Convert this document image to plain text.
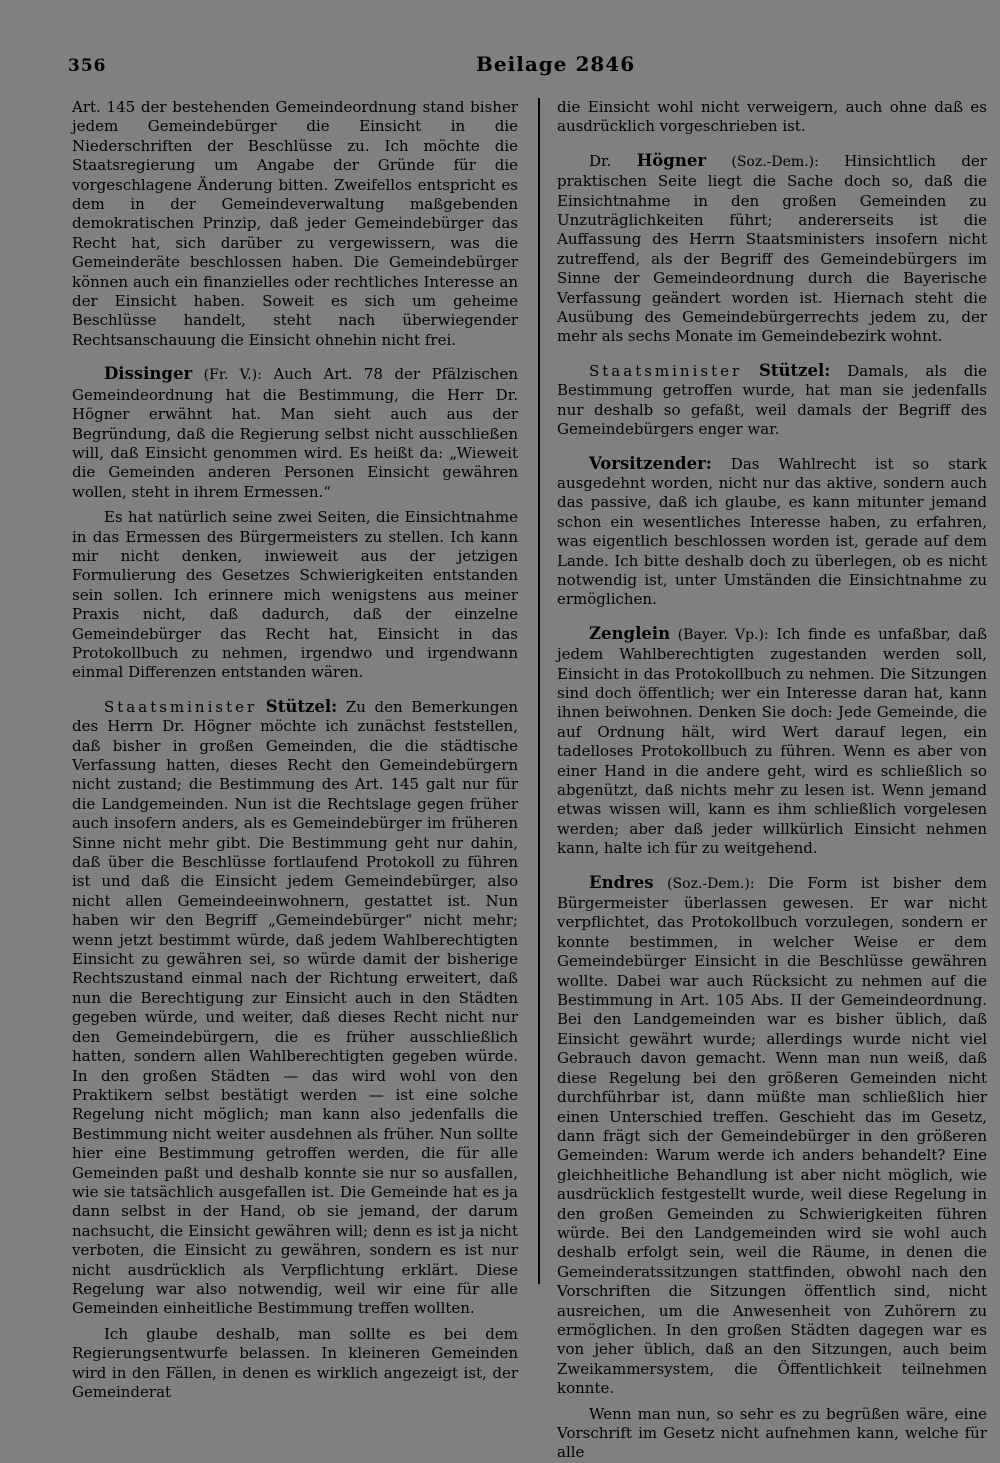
356	Beilage 2846

Art. 145 der bestehenden Gemeindeordnung stand bisher jedem Gemeindebürger die Einsicht in die Niederschriften der Beschlüsse zu. Ich möchte die Staatsregierung um Angabe der Gründe für die vorgeschlagene Änderung bitten. Zweifellos entspricht es dem in der Gemeindeverwaltung maßgebenden demokratischen Prinzip, daß jeder Gemeindebürger das Recht hat, sich darüber zu vergewissern, was die Gemeinderäte beschlossen haben. Die Gemeindebürger können auch ein finanzielles oder rechtliches Interesse an der Einsicht haben. Soweit es sich um geheime Beschlüsse handelt, steht nach überwiegender Rechtsanschauung die Einsicht ohnehin nicht frei.

Dissinger (Fr. V.): Auch Art. 78 der Pfälzischen Gemeindeordnung hat die Bestimmung, die Herr Dr. Högner erwähnt hat. Man sieht auch aus der Begründung, daß die Regierung selbst nicht ausschließen will, daß Einsicht genommen wird. Es heißt da: „Wieweit die Gemeinden anderen Personen Einsicht gewähren wollen, steht in ihrem Ermessen.“

Es hat natürlich seine zwei Seiten, die Einsichtnahme in das Ermessen des Bürgermeisters zu stellen. Ich kann mir nicht denken, inwieweit aus der jetzigen Formulierung des Gesetzes Schwierigkeiten entstanden sein sollen. Ich erinnere mich wenigstens aus meiner Praxis nicht, daß dadurch, daß der einzelne Gemeindebürger das Recht hat, Einsicht in das Protokollbuch zu nehmen, irgendwo und irgendwann einmal Differenzen entstanden wären.

Staatsminister Stützel: Zu den Bemerkungen des Herrn Dr. Högner möchte ich zunächst feststellen, daß bisher in großen Gemeinden, die die städtische Verfassung hatten, dieses Recht den Gemeindebürgern nicht zustand; die Bestimmung des Art. 145 galt nur für die Landgemeinden. Nun ist die Rechtslage gegen früher auch insofern anders, als es Gemeindebürger im früheren Sinne nicht mehr gibt. Die Bestimmung geht nur dahin, daß über die Beschlüsse fortlaufend Protokoll zu führen ist und daß die Einsicht jedem Gemeindebürger, also nicht allen Gemeindeeinwohnern, gestattet ist. Nun haben wir den Begriff „Gemeindebürger“ nicht mehr; wenn jetzt bestimmt würde, daß jedem Wahlberechtigten Einsicht zu gewähren sei, so würde damit der bisherige Rechtszustand einmal nach der Richtung erweitert, daß nun die Berechtigung zur Einsicht auch in den Städten gegeben würde, und weiter, daß dieses Recht nicht nur den Gemeindebürgern, die es früher ausschließlich hatten, sondern allen Wahlberechtigten gegeben würde. In den großen Städten — das wird wohl von den Praktikern selbst bestätigt werden — ist eine solche Regelung nicht möglich; man kann also jedenfalls die Bestimmung nicht weiter ausdehnen als früher. Nun sollte hier eine Bestimmung getroffen werden, die für alle Gemeinden paßt und deshalb konnte sie nur so ausfallen, wie sie tatsächlich ausgefallen ist. Die Gemeinde hat es ja dann selbst in der Hand, ob sie jemand, der darum nachsucht, die Einsicht gewähren will; denn es ist ja nicht verboten, die Einsicht zu gewähren, sondern es ist nur nicht ausdrücklich als Verpflichtung erklärt. Diese Regelung war also notwendig, weil wir eine für alle Gemeinden einheitliche Bestimmung treffen wollten.

Ich glaube deshalb, man sollte es bei dem Regierungsentwurfe belassen. In kleineren Gemeinden wird in den Fällen, in denen es wirklich angezeigt ist, der Gemeinderat

die Einsicht wohl nicht verweigern, auch ohne daß es ausdrücklich vorgeschrieben ist.

Dr. Högner (Soz.-Dem.): Hinsichtlich der praktischen Seite liegt die Sache doch so, daß die Einsichtnahme in den großen Gemeinden zu Unzuträglichkeiten führt; andererseits ist die Auffassung des Herrn Staatsministers insofern nicht zutreffend, als der Begriff des Gemeindebürgers im Sinne der Gemeindeordnung durch die Bayerische Verfassung geändert worden ist. Hiernach steht die Ausübung des Gemeindebürgerrechts jedem zu, der mehr als sechs Monate im Gemeindebezirk wohnt.

Staatsminister Stützel: Damals, als die Bestimmung getroffen wurde, hat man sie jedenfalls nur deshalb so gefaßt, weil damals der Begriff des Gemeindebürgers enger war.

Vorsitzender: Das Wahlrecht ist so stark ausgedehnt worden, nicht nur das aktive, sondern auch das passive, daß ich glaube, es kann mitunter jemand schon ein wesentliches Interesse haben, zu erfahren, was eigentlich beschlossen worden ist, gerade auf dem Lande. Ich bitte deshalb doch zu überlegen, ob es nicht notwendig ist, unter Umständen die Einsichtnahme zu ermöglichen.

Zenglein (Bayer. Vp.): Ich finde es unfaßbar, daß jedem Wahlberechtigten zugestanden werden soll, Einsicht in das Protokollbuch zu nehmen. Die Sitzungen sind doch öffentlich; wer ein Interesse daran hat, kann ihnen beiwohnen. Denken Sie doch: Jede Gemeinde, die auf Ordnung hält, wird Wert darauf legen, ein tadelloses Protokollbuch zu führen. Wenn es aber von einer Hand in die andere geht, wird es schließlich so abgenützt, daß nichts mehr zu lesen ist. Wenn jemand etwas wissen will, kann es ihm schließlich vorgelesen werden; aber daß jeder willkürlich Einsicht nehmen kann, halte ich für zu weitgehend.

Endres (Soz.-Dem.): Die Form ist bisher dem Bürgermeister überlassen gewesen. Er war nicht verpflichtet, das Protokollbuch vorzulegen, sondern er konnte bestimmen, in welcher Weise er dem Gemeindebürger Einsicht in die Beschlüsse gewähren wollte. Dabei war auch Rücksicht zu nehmen auf die Bestimmung in Art. 105 Abs. II der Gemeindeordnung. Bei den Landgemeinden war es bisher üblich, daß Einsicht gewährt wurde; allerdings wurde nicht viel Gebrauch davon gemacht. Wenn man nun weiß, daß diese Regelung bei den größeren Gemeinden nicht durchführbar ist, dann müßte man schließlich hier einen Unterschied treffen. Geschieht das im Gesetz, dann frägt sich der Gemeindebürger in den größeren Gemeinden: Warum werde ich anders behandelt? Eine gleichheitliche Behandlung ist aber nicht möglich, wie ausdrücklich festgestellt wurde, weil diese Regelung in den großen Gemeinden zu Schwierigkeiten führen würde. Bei den Landgemeinden wird sie wohl auch deshalb erfolgt sein, weil die Räume, in denen die Gemeinderatssitzungen stattfinden, obwohl nach den Vorschriften die Sitzungen öffentlich sind, nicht ausreichen, um die Anwesenheit von Zuhörern zu ermöglichen. In den großen Städten dagegen war es von jeher üblich, daß an den Sitzungen, auch beim Zweikammersystem, die Öffentlichkeit teilnehmen konnte.

Wenn man nun, so sehr es zu begrüßen wäre, eine Vorschrift im Gesetz nicht aufnehmen kann, welche für alle
